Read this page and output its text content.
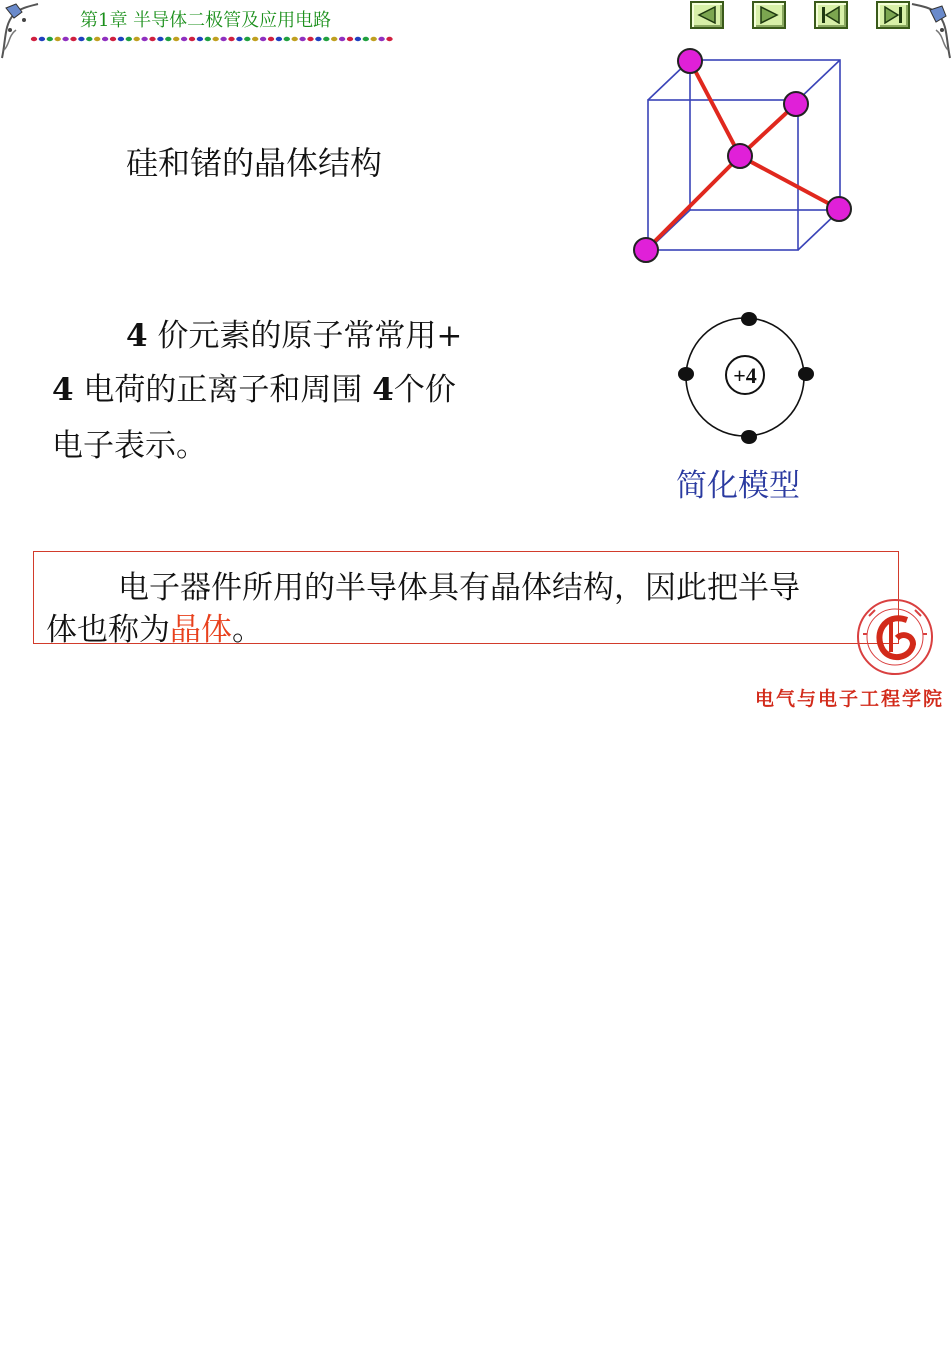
第1章 半导体二极管及应用电路
硅和锗的晶体结构
4 价元素的原子常常用+
4 电荷的正离子和周围 4个价
电子表示。
+4
简化模型
电子器件所用的半导体具有晶体结构，因此把半导
体也称为晶体。
电气与电子工程学院
